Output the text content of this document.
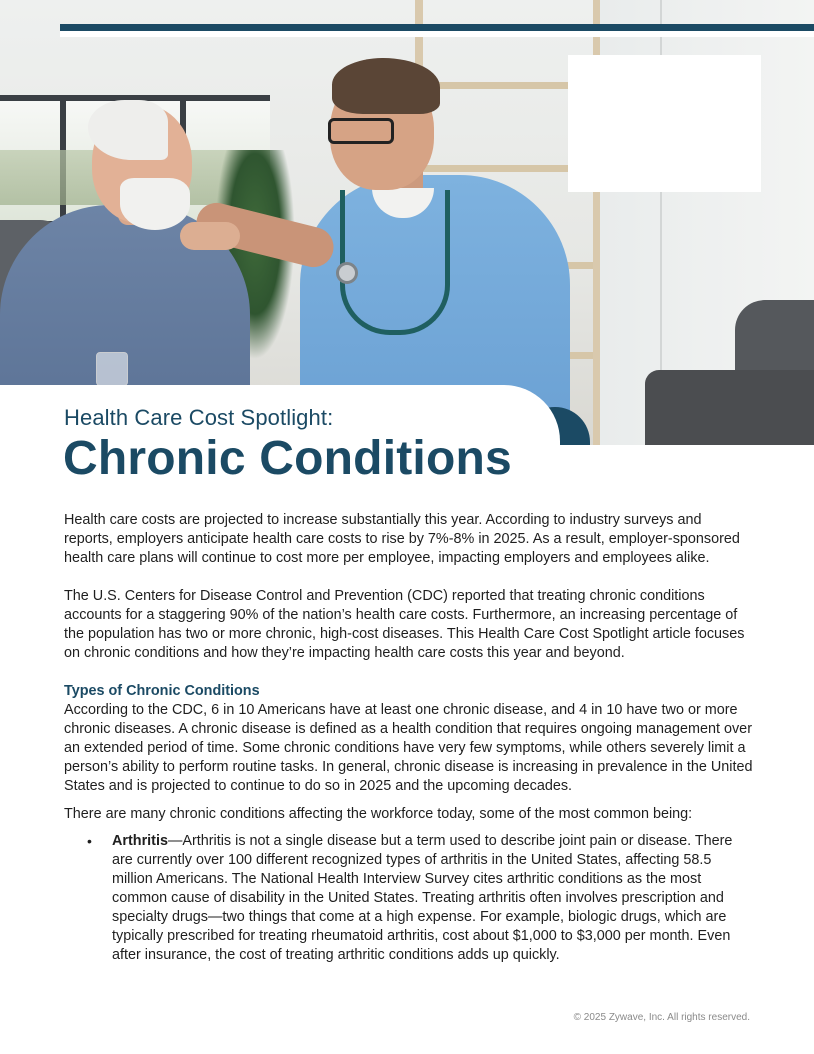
Health Care Cost Spotlight:
Chronic Conditions

Health care costs are projected to increase substantially this year. According to industry surveys and reports, employers anticipate health care costs to rise by 7%-8% in 2025. As a result, employer-sponsored health care plans will continue to cost more per employee, impacting employers and employees alike.

The U.S. Centers for Disease Control and Prevention (CDC) reported that treating chronic conditions accounts for a staggering 90% of the nation’s health care costs. Furthermore, an increasing percentage of the population has two or more chronic, high-cost diseases. This Health Care Cost Spotlight article focuses on chronic conditions and how they’re impacting health care costs this year and beyond.

Types of Chronic Conditions

According to the CDC, 6 in 10 Americans have at least one chronic disease, and 4 in 10 have two or more chronic diseases. A chronic disease is defined as a health condition that requires ongoing management over an extended period of time. Some chronic conditions have very few symptoms, while others severely limit a person’s ability to perform routine tasks. In general, chronic disease is increasing in prevalence in the United States and is projected to continue to do so in 2025 and the upcoming decades.

There are many chronic conditions affecting the workforce today, some of the most common being:

• Arthritis—Arthritis is not a single disease but a term used to describe joint pain or disease. There are currently over 100 different recognized types of arthritis in the United States, affecting 58.5 million Americans. The National Health Interview Survey cites arthritic conditions as the most common cause of disability in the United States. Treating arthritis often involves prescription and specialty drugs—two things that come at a high expense. For example, biologic drugs, which are typically prescribed for treating rheumatoid arthritis, cost about $1,000 to $3,000 per month. Even after insurance, the cost of treating arthritic conditions adds up quickly.
© 2025 Zywave, Inc. All rights reserved.
